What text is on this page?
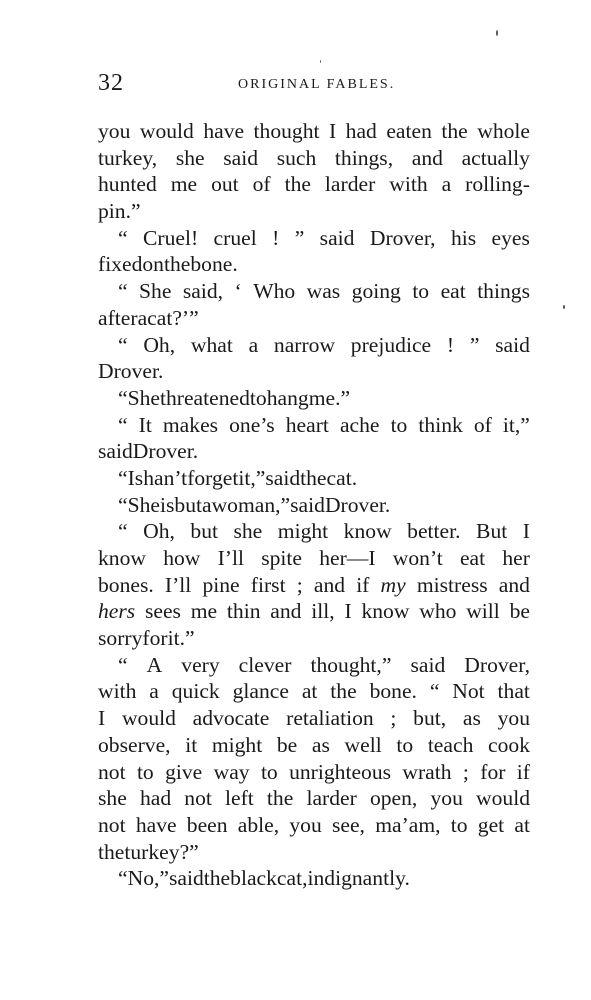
32	ORIGINAL FABLES.
you would have thought I had eaten the whole
turkey, she said such things, and actually
hunted me out of the larder with a rolling-
pin.”
“ Cruel! cruel ! ” said Drover, his eyes
fixed on the bone.
“ She said, ‘ Who was going to eat things
after a cat ? ’ ”
“ Oh, what a narrow prejudice ! ” said
Drover.
“ She threatened to hang me.”
“ It makes one’s heart ache to think of it,”
said Drover.
“ I shan’t forget it,” said the cat.
“ She is but a woman,” said Drover.
“ Oh, but she might know better. But I
know how I’ll spite her—I won’t eat her
bones. I’ll pine first ; and if my mistress and
hers sees me thin and ill, I know who will be
sorry for it.”
“ A very clever thought,” said Drover,
with a quick glance at the bone. “ Not that
I would advocate retaliation ; but, as you
observe, it might be as well to teach cook
not to give way to unrighteous wrath ; for if
she had not left the larder open, you would
not have been able, you see, ma’am, to get at
the turkey ? ”
“ No,” said the black cat, indignantly.
